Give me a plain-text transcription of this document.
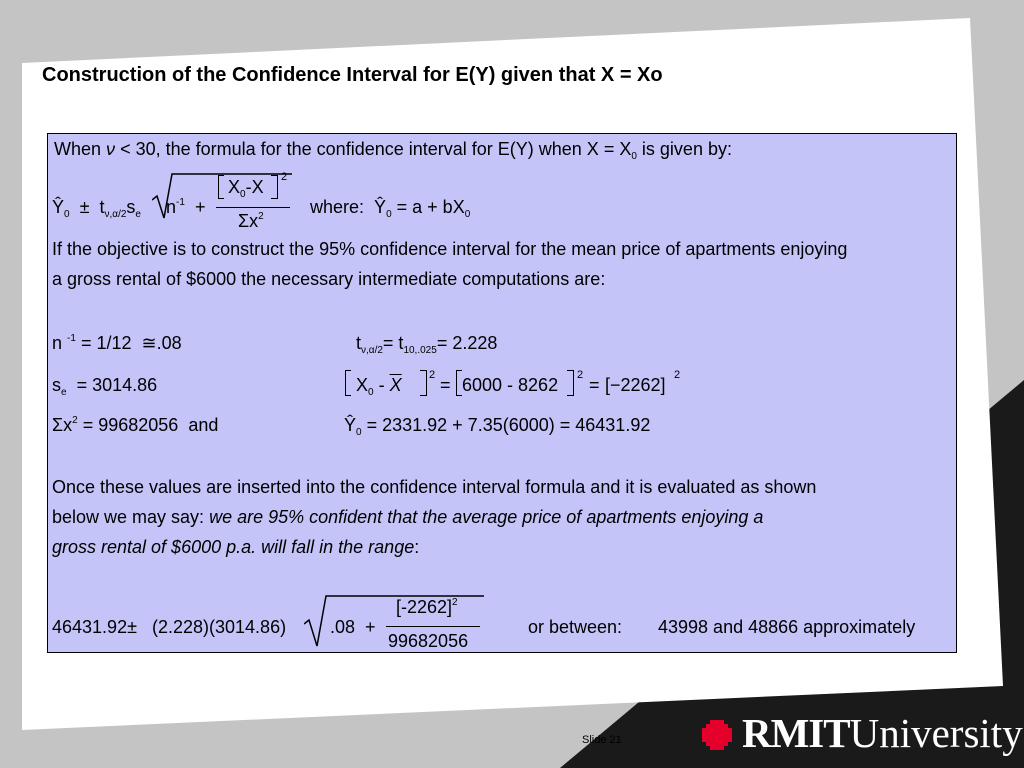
Construction of the Confidence Interval for E(Y) given that X = Xo
When ν < 30, the formula for the confidence interval for E(Y) when $X = X_0$ is given by:
$Ŷ_0 \pm t_{\nu,\alpha/2}s_e$ $n^{-1}$ +
$X_0-X$ 2
$\Sigma x^2$	where: $Ŷ_0 = a + bX_0$
If the objective is to construct the 95% confidence interval for the mean price of apartments enjoying
a gross rental of $6000 the necessary intermediate computations are:
n $^{-1}$ = 1/12 ≅.08	$t_{\nu,\alpha/2}= t_{10,.025}= 2.228$
$s_e = 3014.86$	$X_0 - \overline{X}$ 2 = 6000 - 8262 2 = [−2262] 2
$\Sigma x^2 = 99682056$ and	$Ŷ_0 = 2331.92 + 7.35(6000) = 46431.92$
Once these values are inserted into the confidence interval formula and it is evaluated as shown
below we may say: we are 95% confident that the average price of apartments enjoying a
gross rental of $6000 p.a. will fall in the range:
46431.92± (2.228)(3014.86) .08 +
$[-2262]^2$
99682056
or between: 43998 and 48866 approximately
Slide 21	RMITUniversity
